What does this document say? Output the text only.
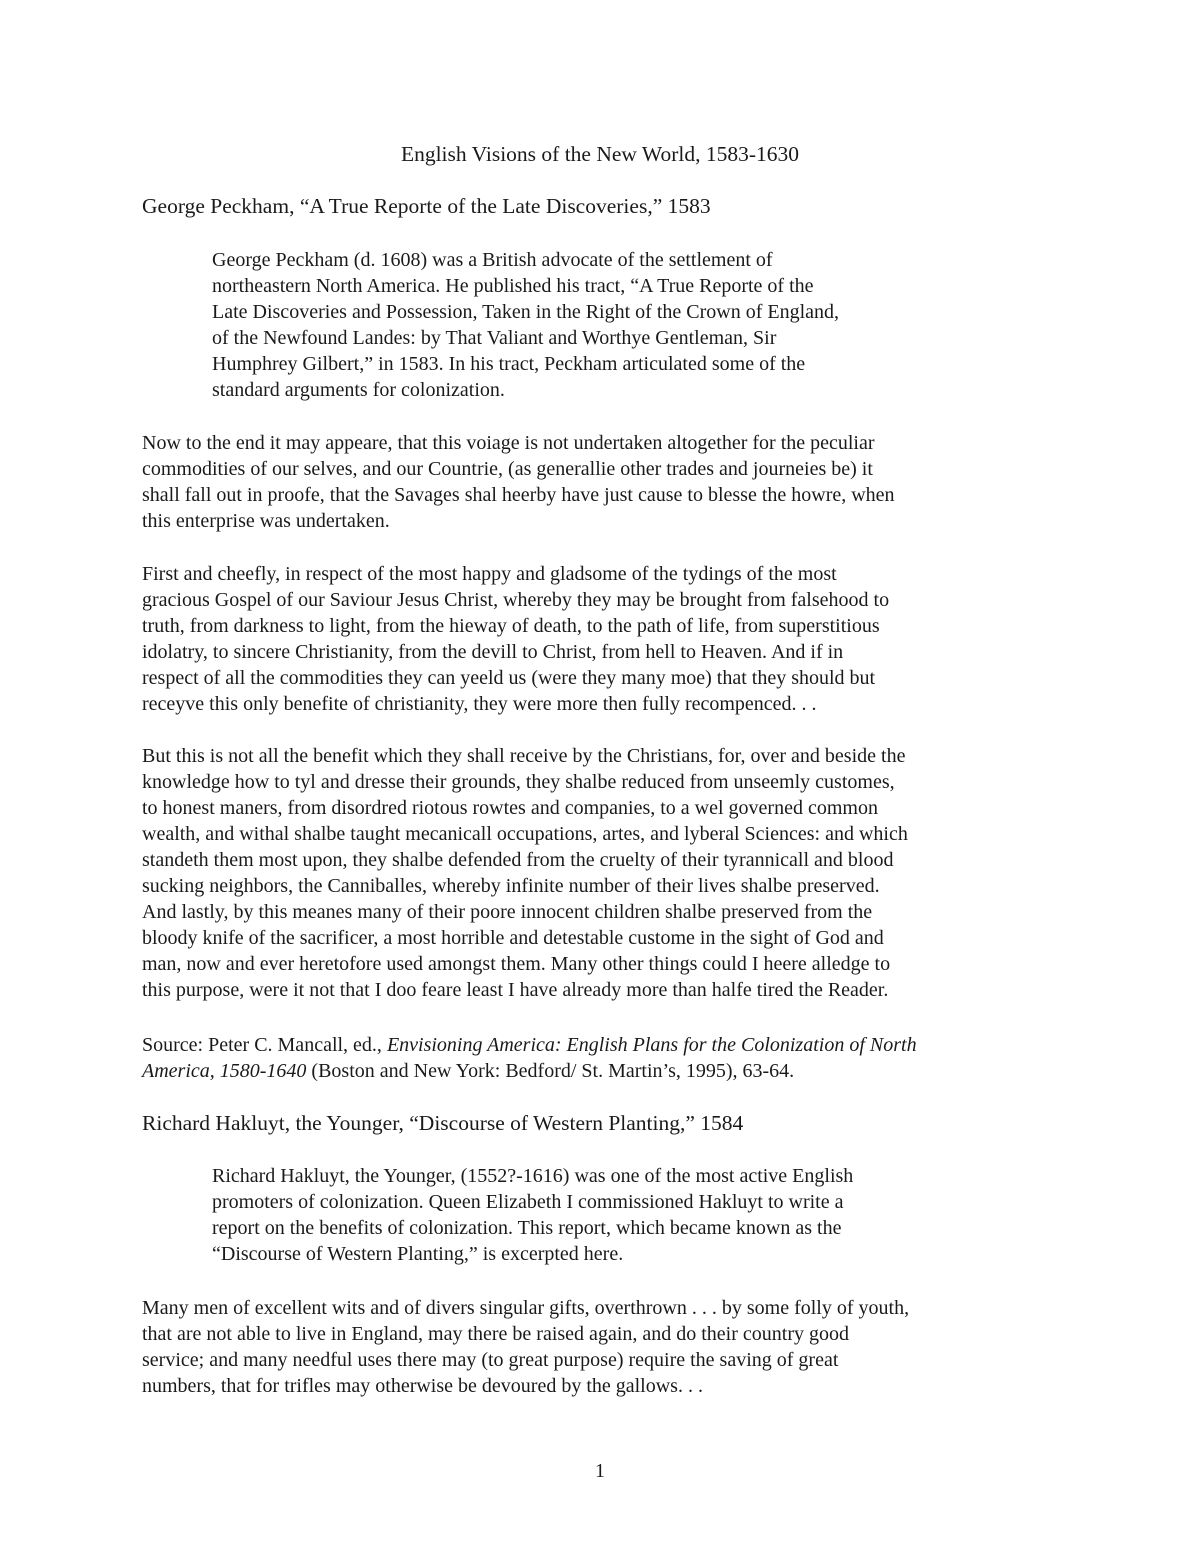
English Visions of the New World, 1583-1630
George Peckham, “A True Reporte of the Late Discoveries,” 1583

George Peckham (d. 1608) was a British advocate of the settlement of
northeastern North America. He published his tract, “A True Reporte of the
Late Discoveries and Possession, Taken in the Right of the Crown of England,
of the Newfound Landes: by That Valiant and Worthye Gentleman, Sir
Humphrey Gilbert,” in 1583. In his tract, Peckham articulated some of the
standard arguments for colonization.

Now to the end it may appeare, that this voiage is not undertaken altogether for the peculiar
commodities of our selves, and our Countrie, (as generallie other trades and journeies be) it
shall fall out in proofe, that the Savages shal heerby have just cause to blesse the howre, when
this enterprise was undertaken.

First and cheefly, in respect of the most happy and gladsome of the tydings of the most
gracious Gospel of our Saviour Jesus Christ, whereby they may be brought from falsehood to
truth, from darkness to light, from the hieway of death, to the path of life, from superstitious
idolatry, to sincere Christianity, from the devill to Christ, from hell to Heaven. And if in
respect of all the commodities they can yeeld us (were they many moe) that they should but
receyve this only benefite of christianity, they were more then fully recompenced. . .

But this is not all the benefit which they shall receive by the Christians, for, over and beside the
knowledge how to tyl and dresse their grounds, they shalbe reduced from unseemly customes,
to honest maners, from disordred riotous rowtes and companies, to a wel governed common
wealth, and withal shalbe taught mecanicall occupations, artes, and lyberal Sciences: and which
standeth them most upon, they shalbe defended from the cruelty of their tyrannicall and blood
sucking neighbors, the Canniballes, whereby infinite number of their lives shalbe preserved.
And lastly, by this meanes many of their poore innocent children shalbe preserved from the
bloody knife of the sacrificer, a most horrible and detestable custome in the sight of God and
man, now and ever heretofore used amongst them. Many other things could I heere alledge to
this purpose, were it not that I doo feare least I have already more than halfe tired the Reader.

Source: Peter C. Mancall, ed., Envisioning America: English Plans for the Colonization of North
America, 1580-1640 (Boston and New York: Bedford/ St. Martin’s, 1995), 63-64.

Richard Hakluyt, the Younger, “Discourse of Western Planting,” 1584

Richard Hakluyt, the Younger, (1552?-1616) was one of the most active English
promoters of colonization. Queen Elizabeth I commissioned Hakluyt to write a
report on the benefits of colonization. This report, which became known as the
“Discourse of Western Planting,” is excerpted here.

Many men of excellent wits and of divers singular gifts, overthrown . . . by some folly of youth,
that are not able to live in England, may there be raised again, and do their country good
service; and many needful uses there may (to great purpose) require the saving of great
numbers, that for trifles may otherwise be devoured by the gallows. . .

1
